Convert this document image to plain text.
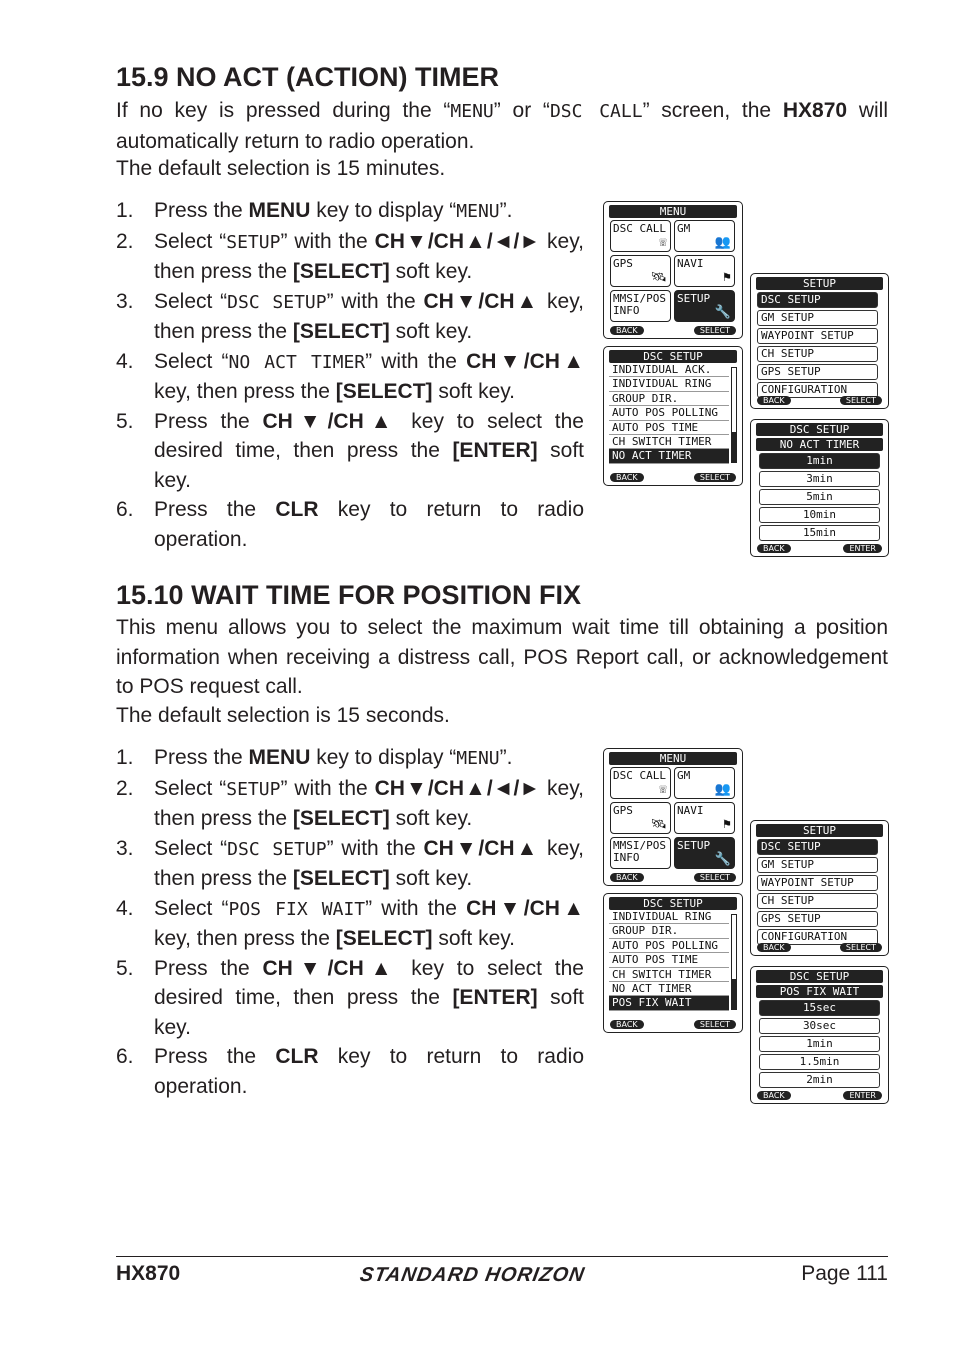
15.9 NO ACT (ACTION) TIMER
If no key is pressed during the “MENU” or “DSC CALL” screen, the HX870 will automatically return to radio operation.
The default selection is 15 minutes.
1. Press the MENU key to display “MENU”.
2. Select “SETUP” with the CH▼/CH▲/◄/► key, then press the [SELECT] soft key.
3. Select “DSC SETUP” with the CH▼/CH▲ key, then press the [SELECT] soft key.
4. Select “NO ACT TIMER” with the CH▼/CH▲ key, then press the [SELECT] soft key.
5. Press the CH▼/CH▲ key to select the desired time, then press the [ENTER] soft key.
6. Press the CLR key to return to radio operation.
15.10 WAIT TIME FOR POSITION FIX
This menu allows you to select the maximum wait time till obtaining a position information when receiving a distress call, POS Report call, or acknowledgement to POS request call.
The default selection is 15 seconds.
1. Press the MENU key to display “MENU”.
2. Select “SETUP” with the CH▼/CH▲/◄/► key, then press the [SELECT] soft key.
3. Select “DSC SETUP” with the CH▼/CH▲ key, then press the [SELECT] soft key.
4. Select “POS FIX WAIT” with the CH▼/CH▲ key, then press the [SELECT] soft key.
5. Press the CH▼/CH▲ key to select the desired time, then press the [ENTER] soft key.
6. Press the CLR key to return to radio operation.
MENU
DSC CALL
☏
GM
👥
GPS
🛰
NAVI
⚑
MMSI/POS
INFO
SETUP
🔧
BACK	SELECT
SETUP
DSC SETUP
GM SETUP
WAYPOINT SETUP
CH SETUP
GPS SETUP
CONFIGURATION
BACK	SELECT
DSC SETUP
INDIVIDUAL ACK.
INDIVIDUAL RING
GROUP DIR.
AUTO POS POLLING
AUTO POS TIME
CH SWITCH TIMER
NO ACT TIMER
BACK	SELECT
DSC SETUP
NO ACT TIMER
1min
3min
5min
10min
15min
BACK	ENTER
MENU
DSC CALL
☏
GM
👥
GPS
🛰
NAVI
⚑
MMSI/POS
INFO
SETUP
🔧
BACK	SELECT
SETUP
DSC SETUP
GM SETUP
WAYPOINT SETUP
CH SETUP
GPS SETUP
CONFIGURATION
BACK	SELECT
DSC SETUP
INDIVIDUAL RING
GROUP DIR.
AUTO POS POLLING
AUTO POS TIME
CH SWITCH TIMER
NO ACT TIMER
POS FIX WAIT
BACK	SELECT
DSC SETUP
POS FIX WAIT
15sec
30sec
1min
1.5min
2min
BACK	ENTER
HX870	STANDARD HORIZON	Page 111
